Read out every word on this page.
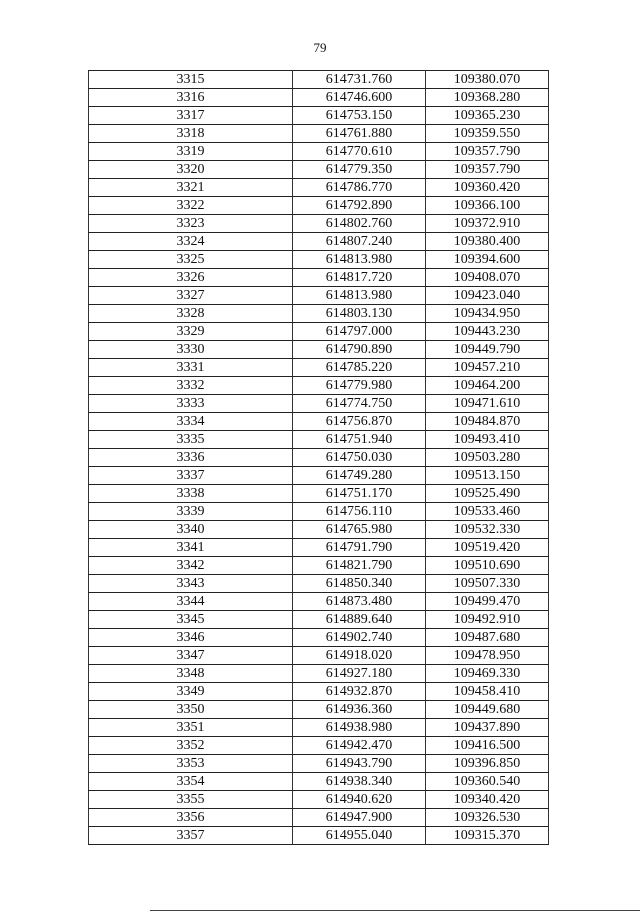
79
3315	614731.760	109380.070
3316	614746.600	109368.280
3317	614753.150	109365.230
3318	614761.880	109359.550
3319	614770.610	109357.790
3320	614779.350	109357.790
3321	614786.770	109360.420
3322	614792.890	109366.100
3323	614802.760	109372.910
3324	614807.240	109380.400
3325	614813.980	109394.600
3326	614817.720	109408.070
3327	614813.980	109423.040
3328	614803.130	109434.950
3329	614797.000	109443.230
3330	614790.890	109449.790
3331	614785.220	109457.210
3332	614779.980	109464.200
3333	614774.750	109471.610
3334	614756.870	109484.870
3335	614751.940	109493.410
3336	614750.030	109503.280
3337	614749.280	109513.150
3338	614751.170	109525.490
3339	614756.110	109533.460
3340	614765.980	109532.330
3341	614791.790	109519.420
3342	614821.790	109510.690
3343	614850.340	109507.330
3344	614873.480	109499.470
3345	614889.640	109492.910
3346	614902.740	109487.680
3347	614918.020	109478.950
3348	614927.180	109469.330
3349	614932.870	109458.410
3350	614936.360	109449.680
3351	614938.980	109437.890
3352	614942.470	109416.500
3353	614943.790	109396.850
3354	614938.340	109360.540
3355	614940.620	109340.420
3356	614947.900	109326.530
3357	614955.040	109315.370
